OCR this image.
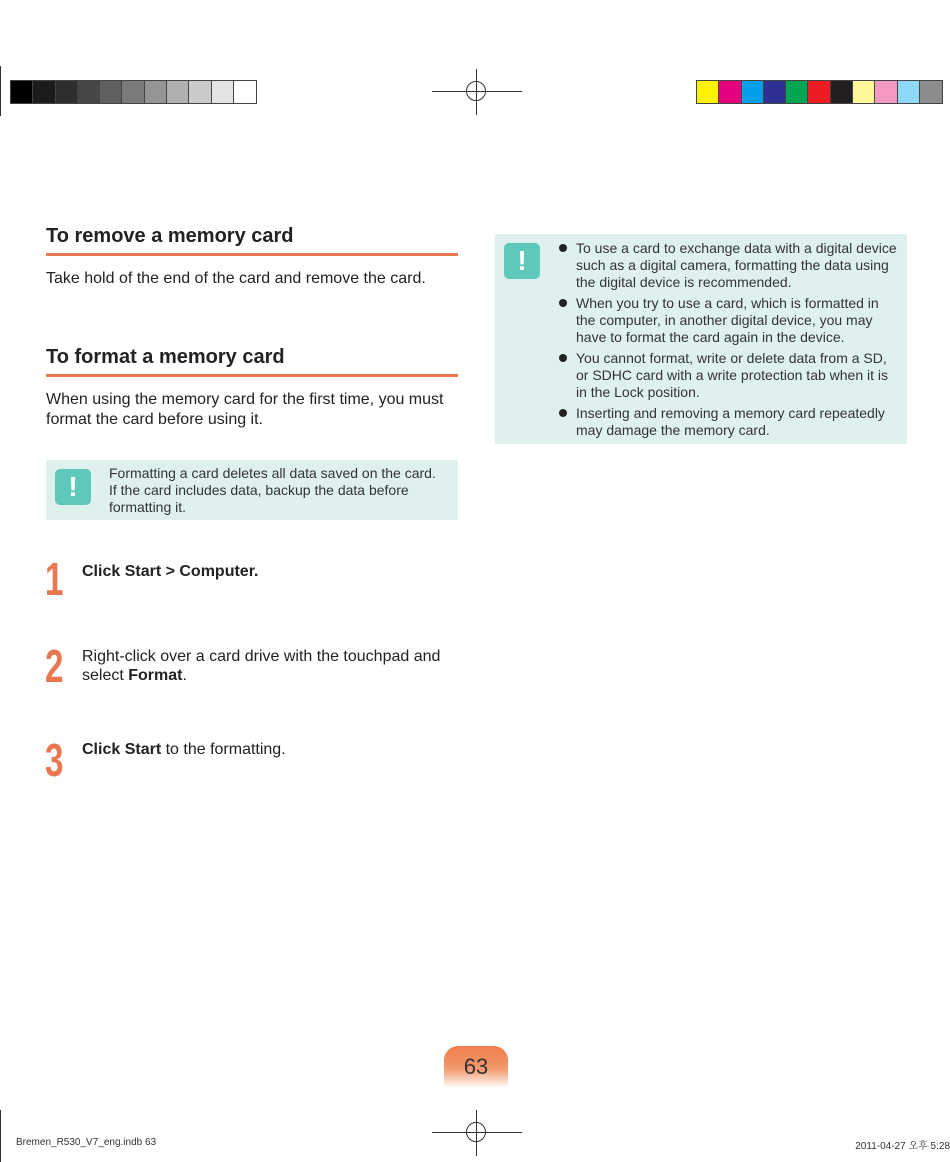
To remove a memory card
Take hold of the end of the card and remove the card.
To format a memory card
When using the memory card for the first time, you must format the card before using it.
!	Formatting a card deletes all data saved on the card.
If the card includes data, backup the data before
formatting it.
1 Click Start > Computer.
2 Right-click over a card drive with the touchpad and select Format.
3 Click Start to the formatting.
!	To use a card to exchange data with a digital device such as a digital camera, formatting the data using the digital device is recommended.
When you try to use a card, which is formatted in the computer, in another digital device, you may have to format the card again in the device.
You cannot format, write or delete data from a SD, or SDHC card with a write protection tab when it is in the Lock position.
Inserting and removing a memory card repeatedly may damage the memory card.
63
Bremen_R530_V7_eng.indb 63	2011-04-27 오후 5:28
